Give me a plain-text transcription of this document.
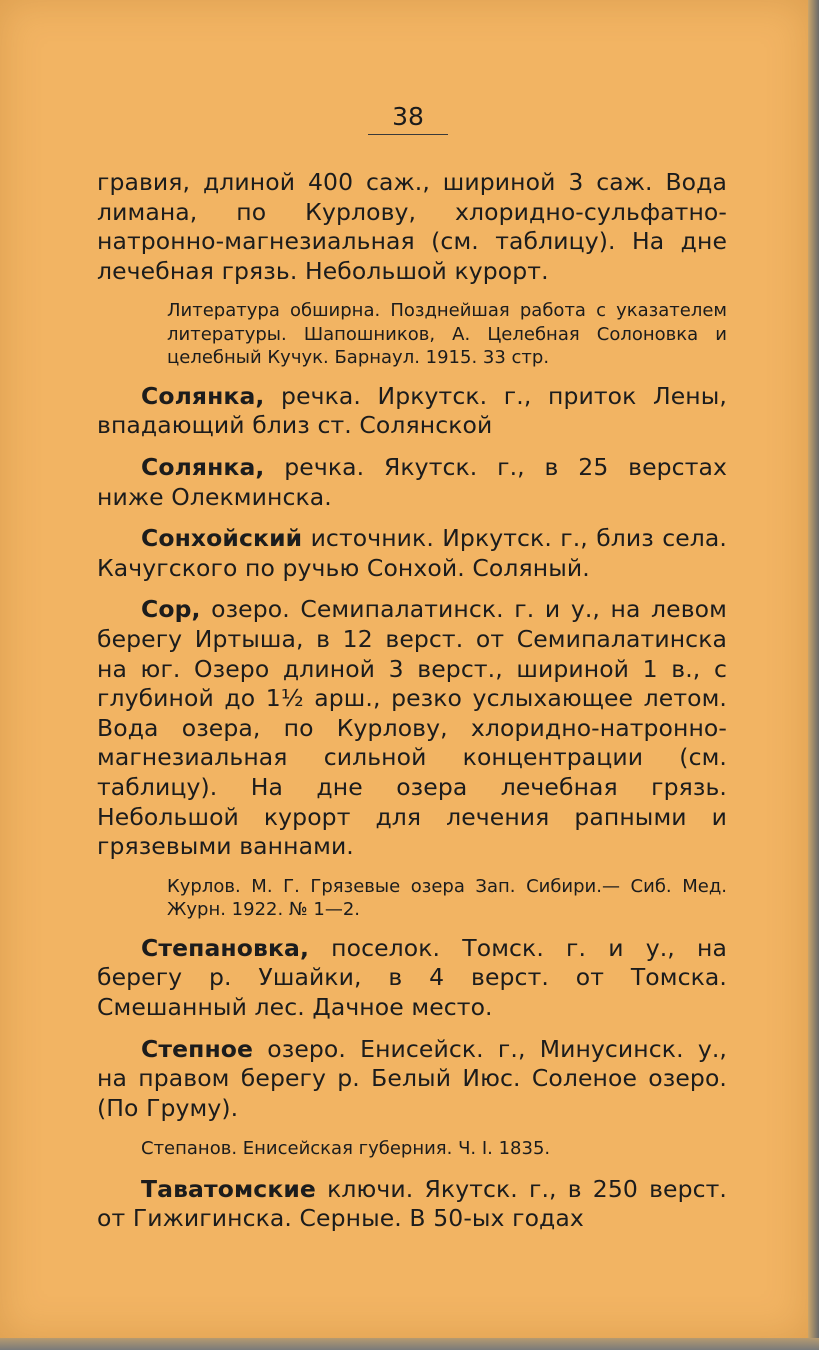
38

гравия, длиной 400 саж., шириной 3 саж. Вода лимана, по Курлову, хлоридно-сульфатно-натронно-магнезиальная (см. таблицу). На дне лечебная грязь. Небольшой курорт.

Литература обширна. Позднейшая работа с указателем литературы. Шапошников, А. Целебная Солоновка и целебный Кучук. Барнаул. 1915. 33 стр.

Солянка, речка. Иркутск. г., приток Лены, впадающий близ ст. Солянской

Солянка, речка. Якутск. г., в 25 верстах ниже Олекминска.

Сонхойский источник. Иркутск. г., близ села. Качугского по ручью Сонхой. Соляный.

Сор, озеро. Семипалатинск. г. и у., на левом берегу Иртыша, в 12 верст. от Семипалатинска на юг. Озеро длиной 3 верст., шириной 1 в., с глубиной до 1½ арш., резко услыхающее летом. Вода озера, по Курлову, хлоридно-натронно-магнезиальная сильной концентрации (см. таблицу). На дне озера лечебная грязь. Небольшой курорт для лечения рапными и грязевыми ваннами.

Курлов. М. Г. Грязевые озера Зап. Сибири.— Сиб. Мед. Журн. 1922. № 1—2.

Степановка, поселок. Томск. г. и у., на берегу р. Ушайки, в 4 верст. от Томска. Смешанный лес. Дачное место.

Степное озеро. Енисейск. г., Минусинск. у., на правом берегу р. Белый Июс. Соленое озеро. (По Груму).

Степанов. Енисейская губерния. Ч. I. 1835.

Таватомские ключи. Якутск. г., в 250 верст. от Гижигинска. Серные. В 50-ых годах
